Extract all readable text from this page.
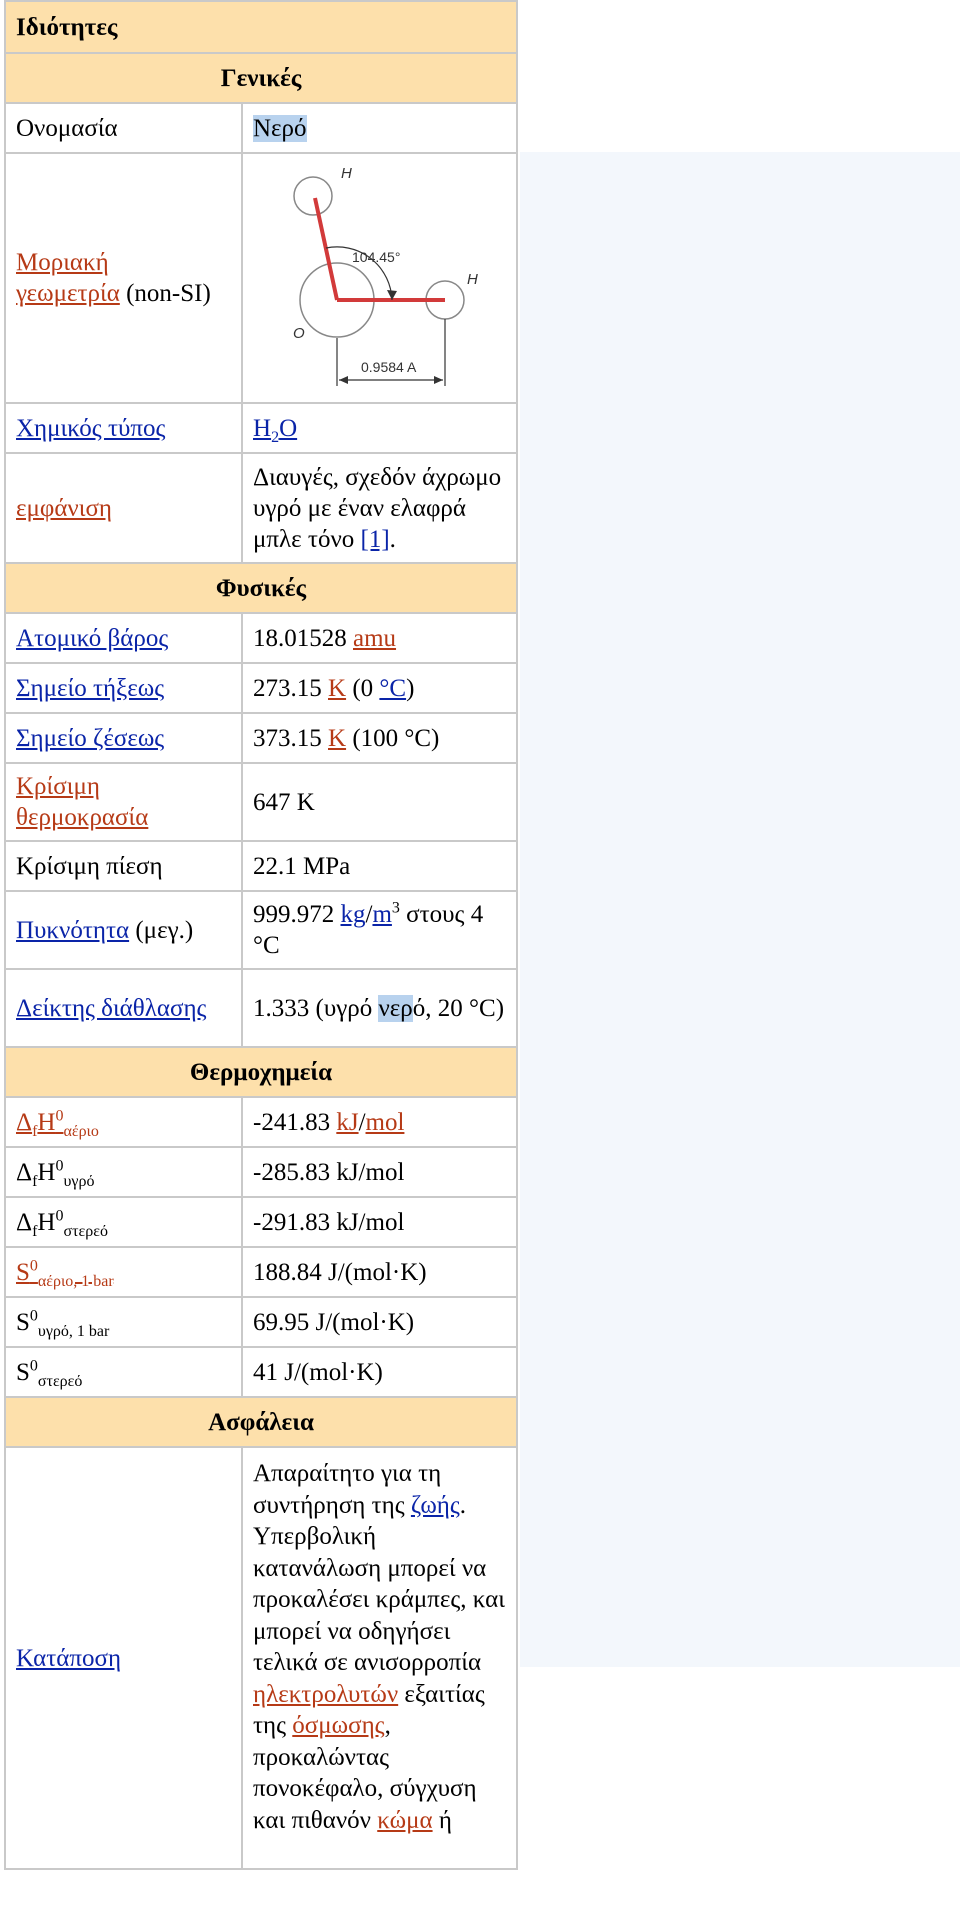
Ιδιότητες	
Γενικές	
Ονομασία	Νερό
Μοριακή
γεωμετρία (non-SI)	H
H
O
104.45°
0.9584 A

Χημικός τύπος	$H_2O$
εμφάνιση	Διαυγές, σχεδόν άχρωμο υγρό με έναν ελαφρά μπλε τόνο [1].
Φυσικές	
Ατομικό βάρος	18.01528 amu
Σημείο τήξεως	273.15 K (0 °C)
Σημείο ζέσεως	373.15 K (100 °C)
Κρίσιμη
θερμοκρασία	647 K
Κρίσιμη πίεση	22.1 MPa
Πυκνότητα (μεγ.)	999.972 $kg/m^3$ στους 4 °C
Δείκτης διάθλασης	1.333 (υγρό νερό, 20 °C)
Θερμοχημεία	
$\Delta_fH^0_{\alpha έ\rho\iota o}$	-241.83 kJ/mol
$\Delta_fH^0_{\upsilon\gamma\rho ό}$	-285.83 kJ/mol
$\Delta_fH^0_{\sigma\tau\varepsilon\rho\varepsilon ό}$	-291.83 kJ/mol
$S^0_{\alpha έ\rho\iota o, 1 bar}$	188.84 J/(mol·K)
$S^0_{\upsilon\gamma\rho ό, 1 bar}$	69.95 J/(mol·K)
$S^0_{\sigma\tau\varepsilon\rho\varepsilon ό}$	41 J/(mol·K)
Ασφάλεια	
Κατάποση	Απαραίτητο για τη συντήρηση της ζωής. Υπερβολική κατανάλωση μπορεί να προκαλέσει κράμπες, και μπορεί να οδηγήσει τελικά σε ανισορροπία ηλεκτρολυτών εξαιτίας της όσμωσης, προκαλώντας πονοκέφαλο, σύγχυση και πιθανόν κώμα ή
